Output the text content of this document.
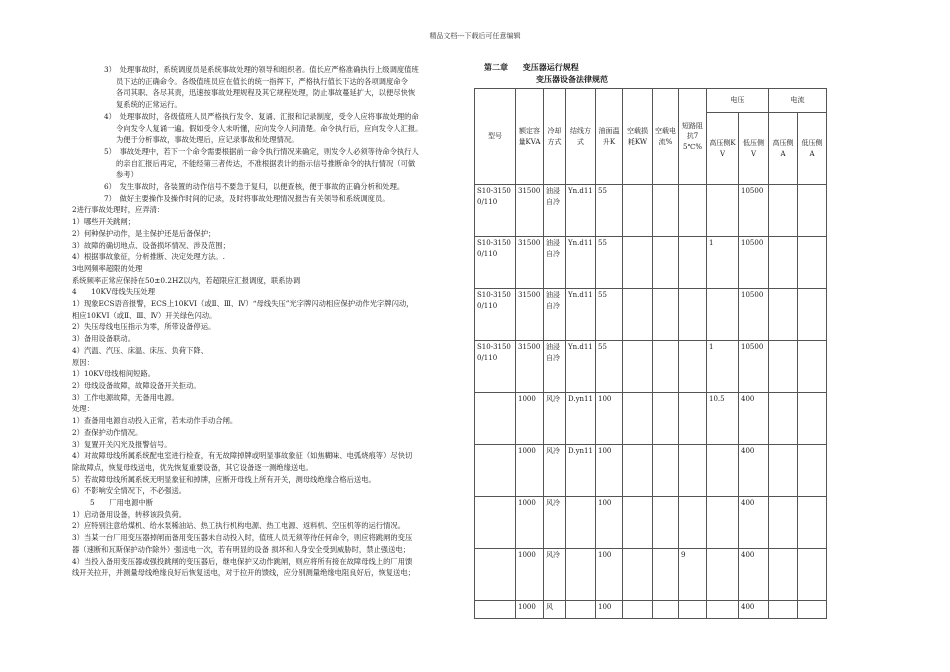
精品文档---下载后可任意编辑

3）　处理事故时，系统调度员是系统事故处理的领导和组织者。值长应严格准确执行上级调度值班

员下达的正确命令。各级值班员应在值长的统一指挥下，严格执行值长下达的各项调度命令

各司其职、各尽其责，迅速按事故处理规程及其它规程处理，防止事故蔓延扩大，以便尽快恢

复系统的正常运行。

4）　处理事故时，各级值班人员严格执行发令、复诵、汇报和记录制度，受令人应将事故处理的命

令向发令人复诵一遍。假如受令人未听懂，应向发令人问清楚。命令执行后，应向发令人汇报。

为便于分析事故，事故处理后，应记录事故和处理情况。

5）　事故处理中，若下一个命令需要根据前一命令执行情况来确定，则发令人必须等待命令执行人

的亲自汇报后再定，不能经第三者传达，不准根据表计的指示信号推断命令的执行情况（可做

参考）

6）　发生事故时，各装置的动作信号不要急于复归，以便查核，便于事故的正确分析和处理。

7）　做好主要操作及操作时间的记录，及时将事故处理情况报告有关领导和系统调度员。

2进行事故处理时，应弄清：

1）哪些开关跳闸；

2）何种保护动作，是主保护还是后备保护；

3）故障的确切地点、设备损坏情况、涉及范围；

4）根据事故象征，分析推断、决定处理方法。.

3电网频率超限的处理

系统频率正常应保持在50±0.2HZ以内，若超限应汇报调度，联系协调

4　　10KV母线失压处理

1）现象ECS语音报警，ECS上10KVⅠ（或Ⅱ、Ⅲ、Ⅳ）“母线失压”光字牌闪动相应保护动作光字牌闪动，

相应10KVⅠ（或Ⅱ、Ⅲ、Ⅳ）开关绿色闪动。

2）失压母线电压指示为零，所带设备停运。

3）备用设备联动。

4）汽温、汽压、床温、床压、负荷下降、

原因：

1）10KV母线相间短路。

2）母线设备故障，故障设备开关拒动。

3）工作电源故障，无备用电源。

处理：

1）查备用电源自动投入正常，若未动作手动合闸。

2）查保护动作情况。

3）复置开关闪光及报警信号。

4）对故障母线所属系统配电室进行检查，有无故障掉牌或明显事故象征（如焦糊味、电弧烧痕等）尽快切

除故障点，恢复母线送电，优先恢复重要设备，其它设备逐一测绝缘送电。

5）若故障母线所属系统无明显象征和掉牌，应断开母线上所有开关，测母线绝缘合格后送电。

6）不影响安全情况下，不必强送。

5　　厂用电源中断

1）启动备用设备，转移该段负荷。

2）应特别注意给煤机、给水泵稀油站、热工执行机构电源、热工电源、返料机、空压机等的运行情况。

3）当某一台厂用变压器掉闸而备用变压器未自动投入时，值班人员无须等待任何命令，则应将跳闸的变压

器（速断和瓦斯保护动作除外）强送电一次，若有明显的设备 损坏和人身安全受到威胁时，禁止强送电；

4）当投入备用变压器或强投跳闸的变压器后，继电保护又动作跳闸，则应将所有接在故障母线上的厂用馈

线开关拉开，并测量母线绝缘良好后恢复送电，对于拉开的馈线，应分别测量绝缘电阻良好后，恢复送电；

第二章 变压器运行规程
变压器设备法律规范
型号	额定容量KVA	冷却方式	结线方式	油面温升K	空载损耗KW	空载电流%	短路阻抗75℃%	电压		电流	
								高压侧KV	低压侧V	高压侧A	低压侧A
S10-31500/110	31500	油浸自冷	Yn.d11	55					10500		
S10-31500/110	31500	油浸自冷	Yn.d11	55				1	10500		
S10-31500/110	31500	油浸自冷	Yn.d11	55					10500		
S10-31500/110	31500	油浸自冷	Yn.d11	55				1	10500		
	1000	风冷	D.yn11	100				10.5	400		
	1000	风冷	D.yn11	100					400		
	1000	风冷		100					400		
	1000	风冷		100			9		400		
	1000	风		100					400		
